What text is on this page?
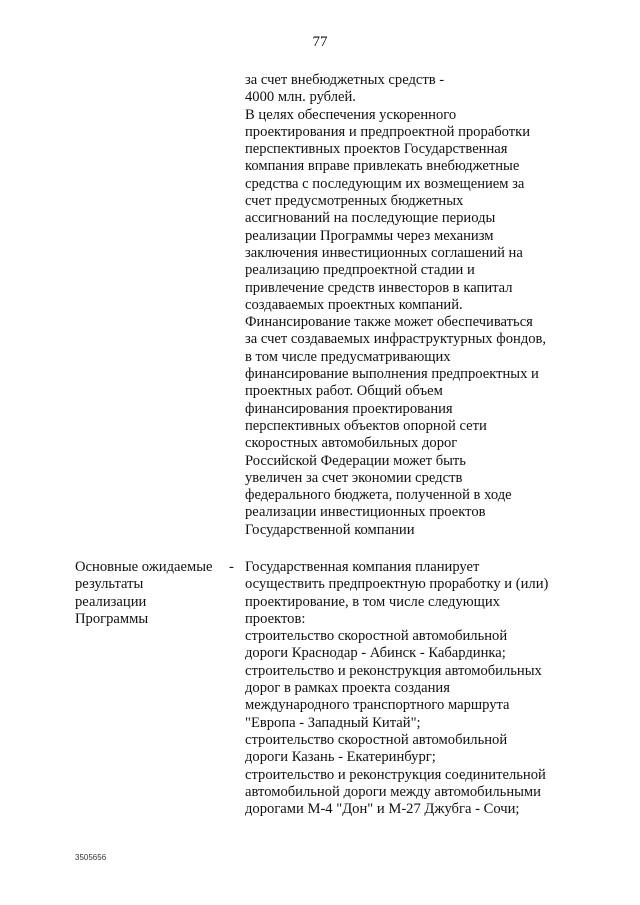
77
за счет внебюджетных средств -
4000 млн. рублей.
В целях обеспечения ускоренного
проектирования и предпроектной проработки
перспективных проектов Государственная
компания вправе привлекать внебюджетные
средства с последующим их возмещением за
счет предусмотренных бюджетных
ассигнований на последующие периоды
реализации Программы через механизм
заключения инвестиционных соглашений на
реализацию предпроектной стадии и
привлечение средств инвесторов в капитал
создаваемых проектных компаний.
Финансирование также может обеспечиваться
за счет создаваемых инфраструктурных фондов,
в том числе предусматривающих
финансирование выполнения предпроектных и
проектных работ. Общий объем
финансирования проектирования
перспективных объектов опорной сети
скоростных автомобильных дорог
Российской Федерации может быть
увеличен за счет экономии средств
федерального бюджета, полученной в ходе
реализации инвестиционных проектов
Государственной компании
Основные ожидаемые
результаты
реализации
Программы
- Государственная компания планирует
осуществить предпроектную проработку и (или)
проектирование, в том числе следующих
проектов:
строительство скоростной автомобильной
дороги Краснодар - Абинск - Кабардинка;
строительство и реконструкция автомобильных
дорог в рамках проекта создания
международного транспортного маршрута
"Европа - Западный Китай";
строительство скоростной автомобильной
дороги Казань - Екатеринбург;
строительство и реконструкция соединительной
автомобильной дороги между автомобильными
дорогами М-4 "Дон" и М-27 Джубга - Сочи;
3505656
